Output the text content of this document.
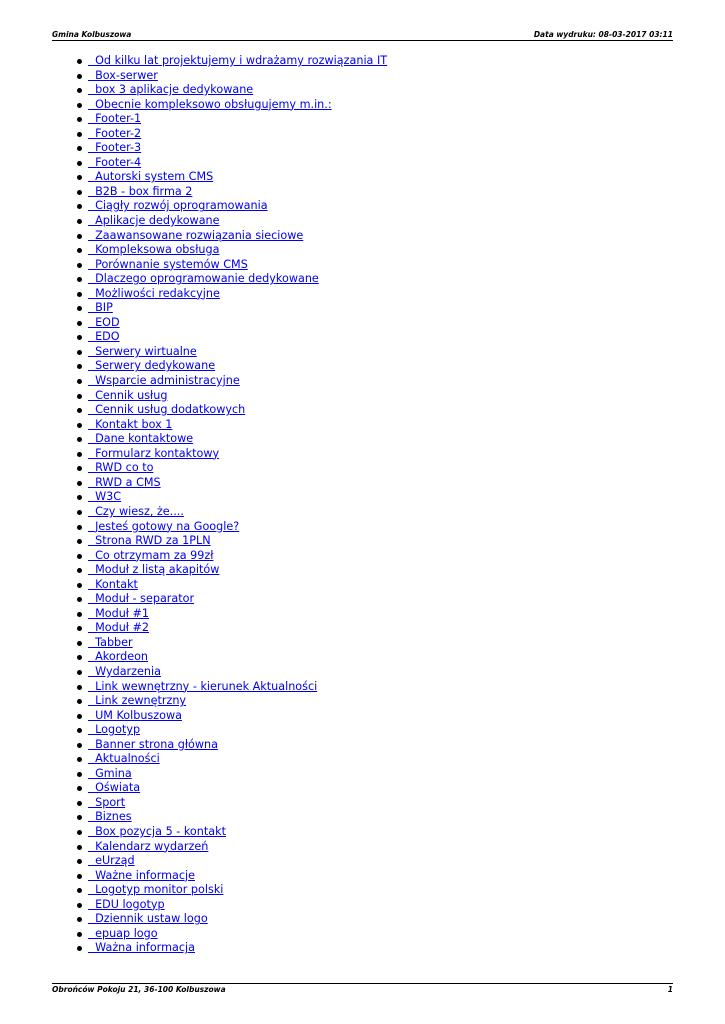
Gmina Kolbuszowa	Data wydruku: 08-03-2017 03:11
Od kilku lat projektujemy i wdrażamy rozwiązania IT
Box-serwer
box 3 aplikacje dedykowane
Obecnie kompleksowo obsługujemy m.in.:
Footer-1
Footer-2
Footer-3
Footer-4
Autorski system CMS
B2B - box firma 2
Ciągły rozwój oprogramowania
Aplikacje dedykowane
Zaawansowane rozwiązania sieciowe
Kompleksowa obsługa
Porównanie systemów CMS
Dlaczego oprogramowanie dedykowane
Możliwości redakcyjne
BIP
EOD
EDO
Serwery wirtualne
Serwery dedykowane
Wsparcie administracyjne
Cennik usług
Cennik usług dodatkowych
Kontakt box 1
Dane kontaktowe
Formularz kontaktowy
RWD co to
RWD a CMS
W3C
Czy wiesz, że....
Jesteś gotowy na Google?
Strona RWD za 1PLN
Co otrzymam za 99zł
Moduł z listą akapitów
Kontakt
Moduł - separator
Moduł #1
Moduł #2
Tabber
Akordeon
Wydarzenia
Link wewnętrzny - kierunek Aktualności
Link zewnętrzny
UM Kolbuszowa
Logotyp
Banner strona główna
Aktualności
Gmina
Oświata
Sport
Biznes
Box pozycja 5 - kontakt
Kalendarz wydarzeń
eUrząd
Ważne informacje
Logotyp monitor polski
EDU logotyp
Dziennik ustaw logo
epuap logo
Ważna informacja
Obrońców Pokoju 21, 36-100 Kolbuszowa	1
